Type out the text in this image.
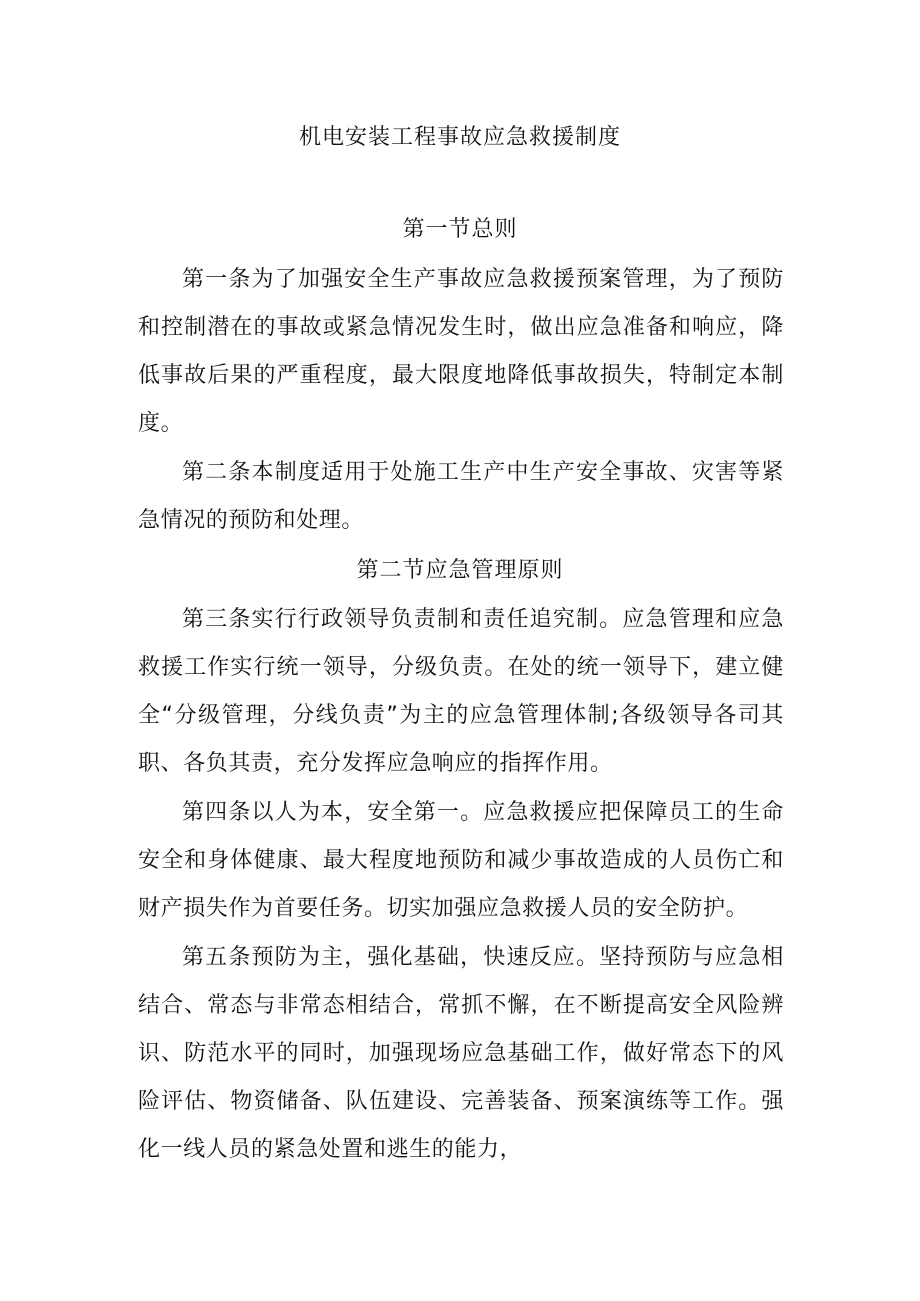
机电安装工程事故应急救援制度
第一节总则

第一条为了加强安全生产事故应急救援预案管理，为了预防和控制潜在的事故或紧急情况发生时，做出应急准备和响应，降低事故后果的严重程度，最大限度地降低事故损失，特制定本制度。

第二条本制度适用于处施工生产中生产安全事故、灾害等紧急情况的预防和处理。

第二节应急管理原则

第三条实行行政领导负责制和责任追究制。应急管理和应急救援工作实行统一领导，分级负责。在处的统一领导下，建立健全“分级管理，分线负责”为主的应急管理体制;各级领导各司其职、各负其责，充分发挥应急响应的指挥作用。

第四条以人为本，安全第一。应急救援应把保障员工的生命安全和身体健康、最大程度地预防和减少事故造成的人员伤亡和财产损失作为首要任务。切实加强应急救援人员的安全防护。

第五条预防为主，强化基础，快速反应。坚持预防与应急相结合、常态与非常态相结合，常抓不懈，在不断提高安全风险辨识、防范水平的同时，加强现场应急基础工作，做好常态下的风险评估、物资储备、队伍建设、完善装备、预案演练等工作。强化一线人员的紧急处置和逃生的能力，
